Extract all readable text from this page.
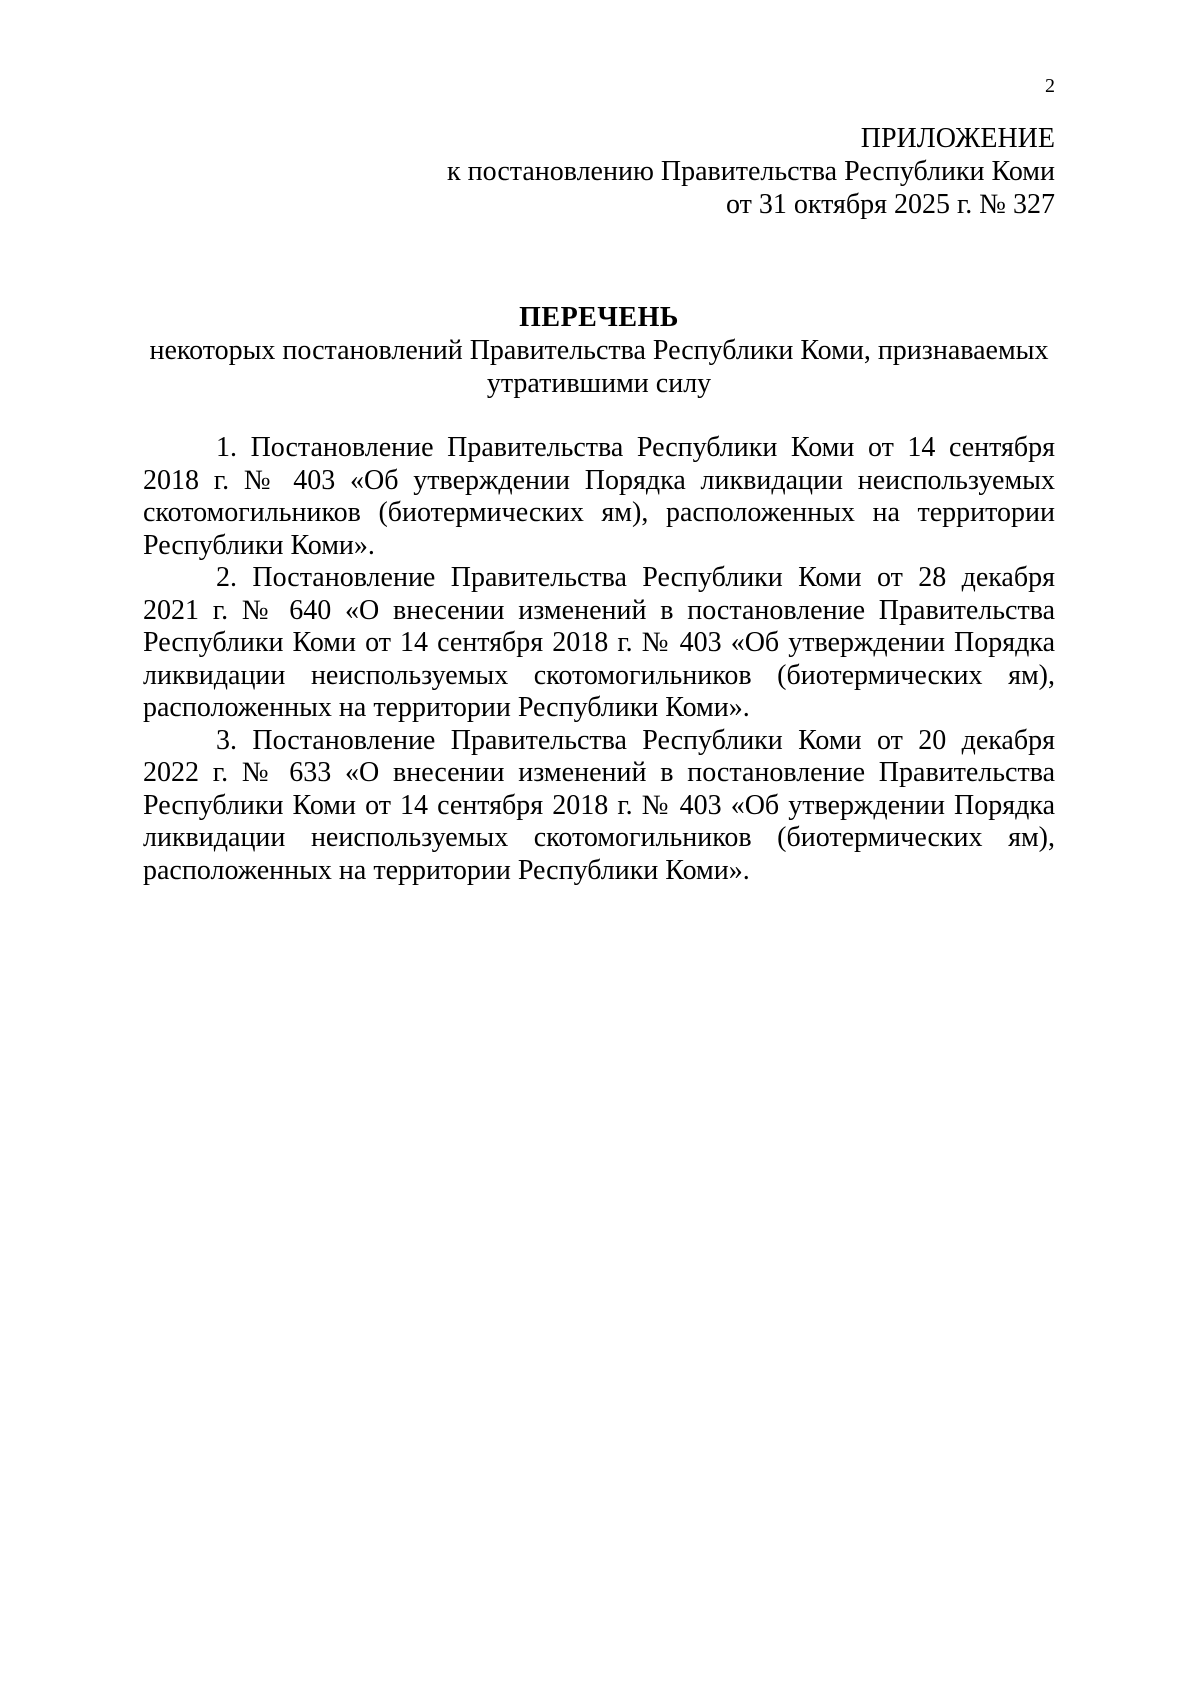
2
ПРИЛОЖЕНИЕ
к постановлению Правительства Республики Коми
от 31 октября 2025 г. № 327
ПЕРЕЧЕНЬ
некоторых постановлений Правительства Республики Коми, признаваемых утратившими силу

1. Постановление Правительства Республики Коми от 14 сентября 2018 г. № 403 «Об утверждении Порядка ликвидации неиспользуемых скотомогильников (биотермических ям), расположенных на территории Республики Коми».

2. Постановление Правительства Республики Коми от 28 декабря 2021 г. № 640 «О внесении изменений в постановление Правительства Республики Коми от 14 сентября 2018 г. № 403 «Об утверждении Порядка ликвидации неиспользуемых скотомогильников (биотермических ям), расположенных на территории Республики Коми».

3. Постановление Правительства Республики Коми от 20 декабря 2022 г. № 633 «О внесении изменений в постановление Правительства Республики Коми от 14 сентября 2018 г. № 403 «Об утверждении Порядка ликвидации неиспользуемых скотомогильников (биотермических ям), расположенных на территории Республики Коми».
